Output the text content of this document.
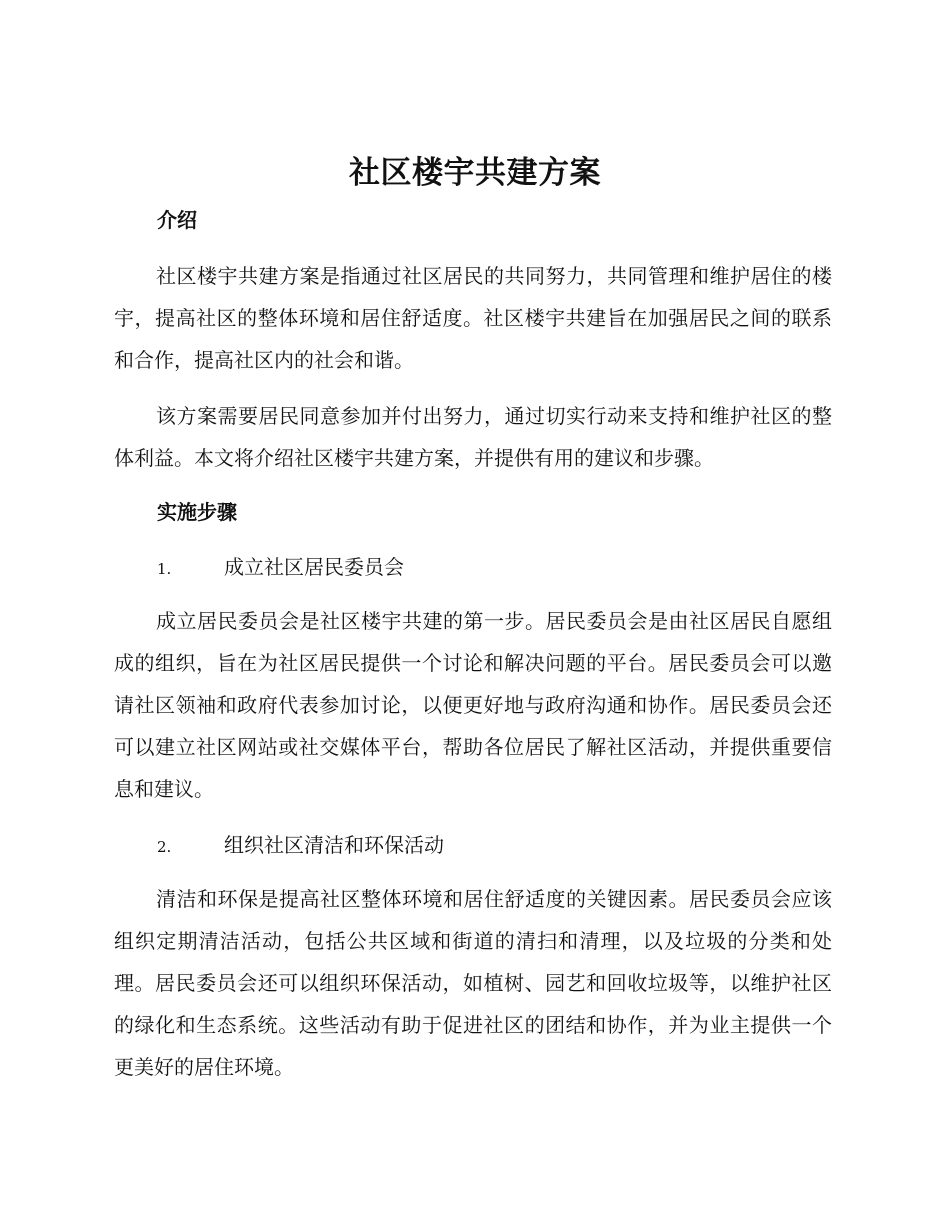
社区楼宇共建方案
介绍

社区楼宇共建方案是指通过社区居民的共同努力，共同管理和维护居住的楼宇，提高社区的整体环境和居住舒适度。社区楼宇共建旨在加强居民之间的联系和合作，提高社区内的社会和谐。

该方案需要居民同意参加并付出努力，通过切实行动来支持和维护社区的整体利益。本文将介绍社区楼宇共建方案，并提供有用的建议和步骤。

实施步骤
1.	成立社区居民委员会

成立居民委员会是社区楼宇共建的第一步。居民委员会是由社区居民自愿组成的组织，旨在为社区居民提供一个讨论和解决问题的平台。居民委员会可以邀请社区领袖和政府代表参加讨论，以便更好地与政府沟通和协作。居民委员会还可以建立社区网站或社交媒体平台，帮助各位居民了解社区活动，并提供重要信息和建议。

2.	组织社区清洁和环保活动

清洁和环保是提高社区整体环境和居住舒适度的关键因素。居民委员会应该组织定期清洁活动，包括公共区域和街道的清扫和清理，以及垃圾的分类和处理。居民委员会还可以组织环保活动，如植树、园艺和回收垃圾等，以维护社区的绿化和生态系统。这些活动有助于促进社区的团结和协作，并为业主提供一个更美好的居住环境。
